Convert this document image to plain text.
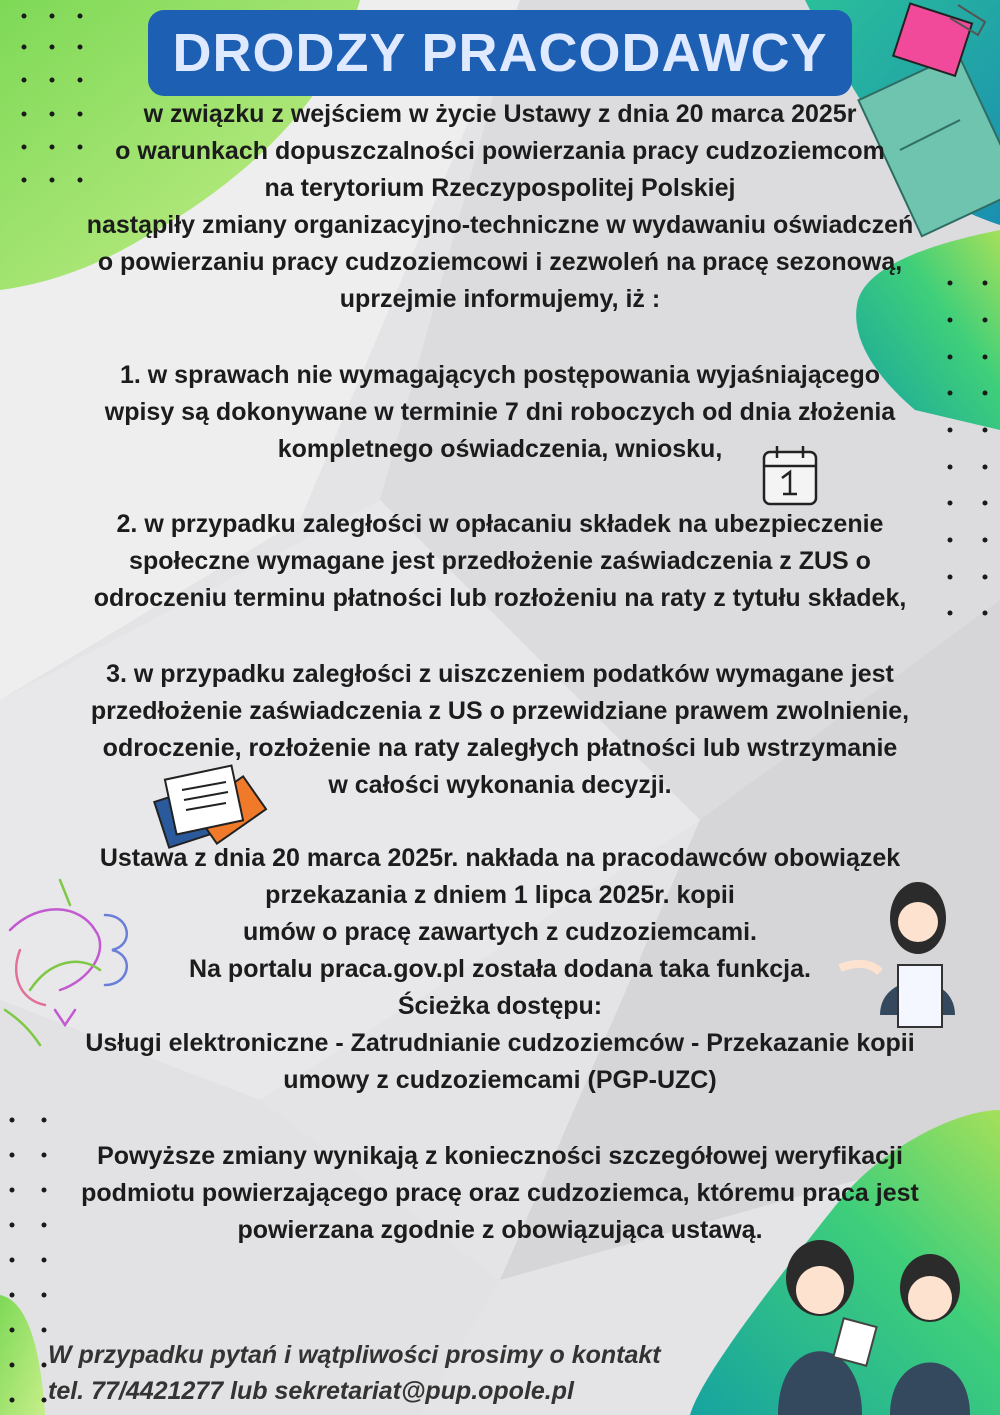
DRODZY PRACODAWCY

w związku z wejściem w życie Ustawy z dnia 20 marca 2025r

o warunkach dopuszczalności powierzania pracy cudzoziemcom

na terytorium Rzeczypospolitej Polskiej

nastąpiły zmiany organizacyjno-techniczne w wydawaniu oświadczeń

o powierzaniu pracy cudzoziemcowi i zezwoleń na pracę sezonową,

uprzejmie informujemy, iż :

1. w sprawach nie wymagających postępowania wyjaśniającego

wpisy są dokonywane w terminie 7 dni roboczych od dnia złożenia

kompletnego oświadczenia, wniosku,

2. w przypadku zaległości w opłacaniu składek na ubezpieczenie

społeczne wymagane jest przedłożenie zaświadczenia z ZUS o

odroczeniu terminu płatności lub rozłożeniu na raty z tytułu składek,

3. w przypadku zaległości z uiszczeniem podatków wymagane jest

przedłożenie zaświadczenia z US o przewidziane prawem zwolnienie,

odroczenie, rozłożenie na raty zaległych płatności lub wstrzymanie

w całości wykonania decyzji.

Ustawa z dnia 20 marca 2025r. nakłada na pracodawców obowiązek

przekazania z dniem 1 lipca 2025r. kopii

umów o pracę zawartych z cudzoziemcami.

Na portalu praca.gov.pl została dodana taka funkcja.

Ścieżka dostępu:

Usługi elektroniczne - Zatrudnianie cudzoziemców - Przekazanie kopii

umowy z cudzoziemcami (PGP-UZC)

Powyższe zmiany wynikają z konieczności szczegółowej weryfikacji

podmiotu powierzającego pracę oraz cudzoziemca, któremu praca jest

powierzana zgodnie z obowiązująca ustawą.

W przypadku pytań i wątpliwości prosimy o kontakt

tel. 77/4421277 lub sekretariat@pup.opole.pl
